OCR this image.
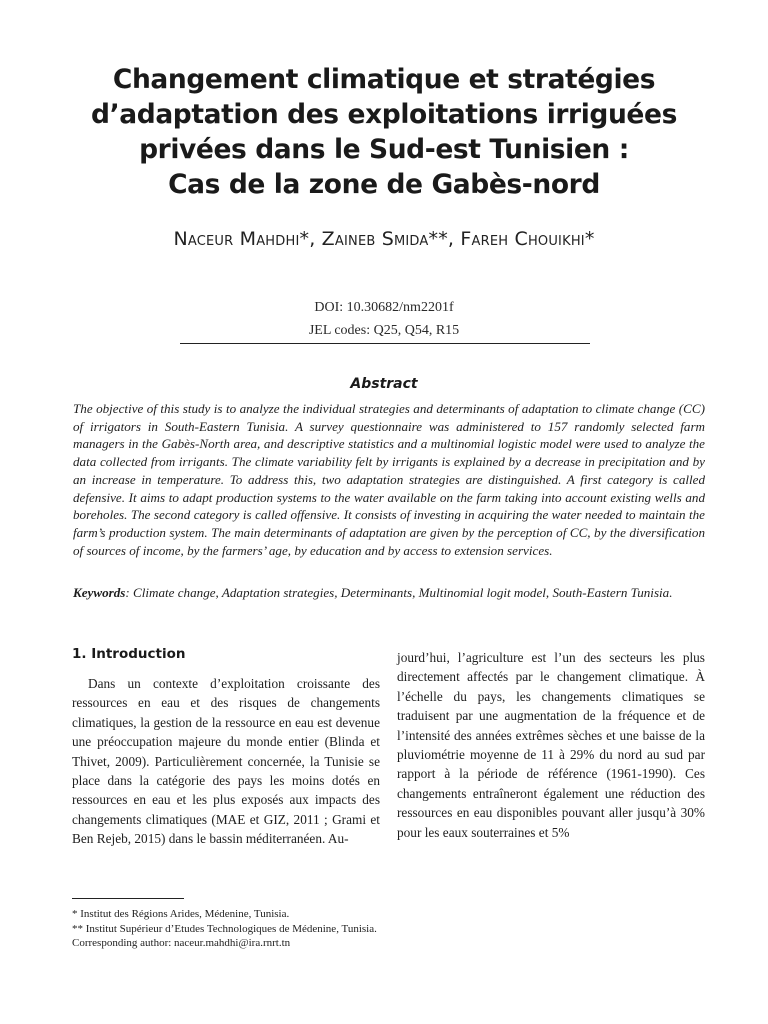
Changement climatique et stratégies
d’adaptation des exploitations irriguées
privées dans le Sud-est Tunisien :
Cas de la zone de Gabès-nord
Naceur Mahdhi*, Zaineb Smida**, Fareh Chouikhi*
DOI: 10.30682/nm2201f
JEL codes: Q25, Q54, R15
Abstract
The objective of this study is to analyze the individual strategies and determinants of adaptation to climate change (CC) of irrigators in South-Eastern Tunisia. A survey questionnaire was administered to 157 randomly selected farm managers in the Gabès-North area, and descriptive statistics and a multinomial logistic model were used to analyze the data collected from irrigants. The climate variability felt by irrigants is explained by a decrease in precipitation and by an increase in temperature. To address this, two adaptation strategies are distinguished. A first category is called defensive. It aims to adapt production systems to the water available on the farm taking into account existing wells and boreholes. The second category is called offensive. It consists of investing in acquiring the water needed to maintain the farm’s production system. The main determinants of adaptation are given by the perception of CC, by the diversification of sources of income, by the farmers’ age, by education and by access to extension services.
Keywords: Climate change, Adaptation strategies, Determinants, Multinomial logit model, South-Eastern Tunisia.
1. Introduction

Dans un contexte d’exploitation croissante des ressources en eau et des risques de changements climatiques, la gestion de la ressource en eau est devenue une préoccupation majeure du monde entier (Blinda et Thivet, 2009). Particulièrement concernée, la Tunisie se place dans la catégorie des pays les moins dotés en ressources en eau et les plus exposés aux impacts des changements climatiques (MAE et GIZ, 2011 ; Grami et Ben Rejeb, 2015) dans le bassin méditerranéen. Au-

jourd’hui, l’agriculture est l’un des secteurs les plus directement affectés par le changement climatique. À l’échelle du pays, les changements climatiques se traduisent par une augmentation de la fréquence et de l’intensité des années extrêmes sèches et une baisse de la pluviométrie moyenne de 11 à 29% du nord au sud par rapport à la période de référence (1961-1990). Ces changements entraîneront également une réduction des ressources en eau disponibles pouvant aller jusqu’à 30% pour les eaux souterraines et 5%

* Institut des Régions Arides, Médenine, Tunisia.
** Institut Supérieur d’Etudes Technologiques de Médenine, Tunisia.
Corresponding author: naceur.mahdhi@ira.rnrt.tn
